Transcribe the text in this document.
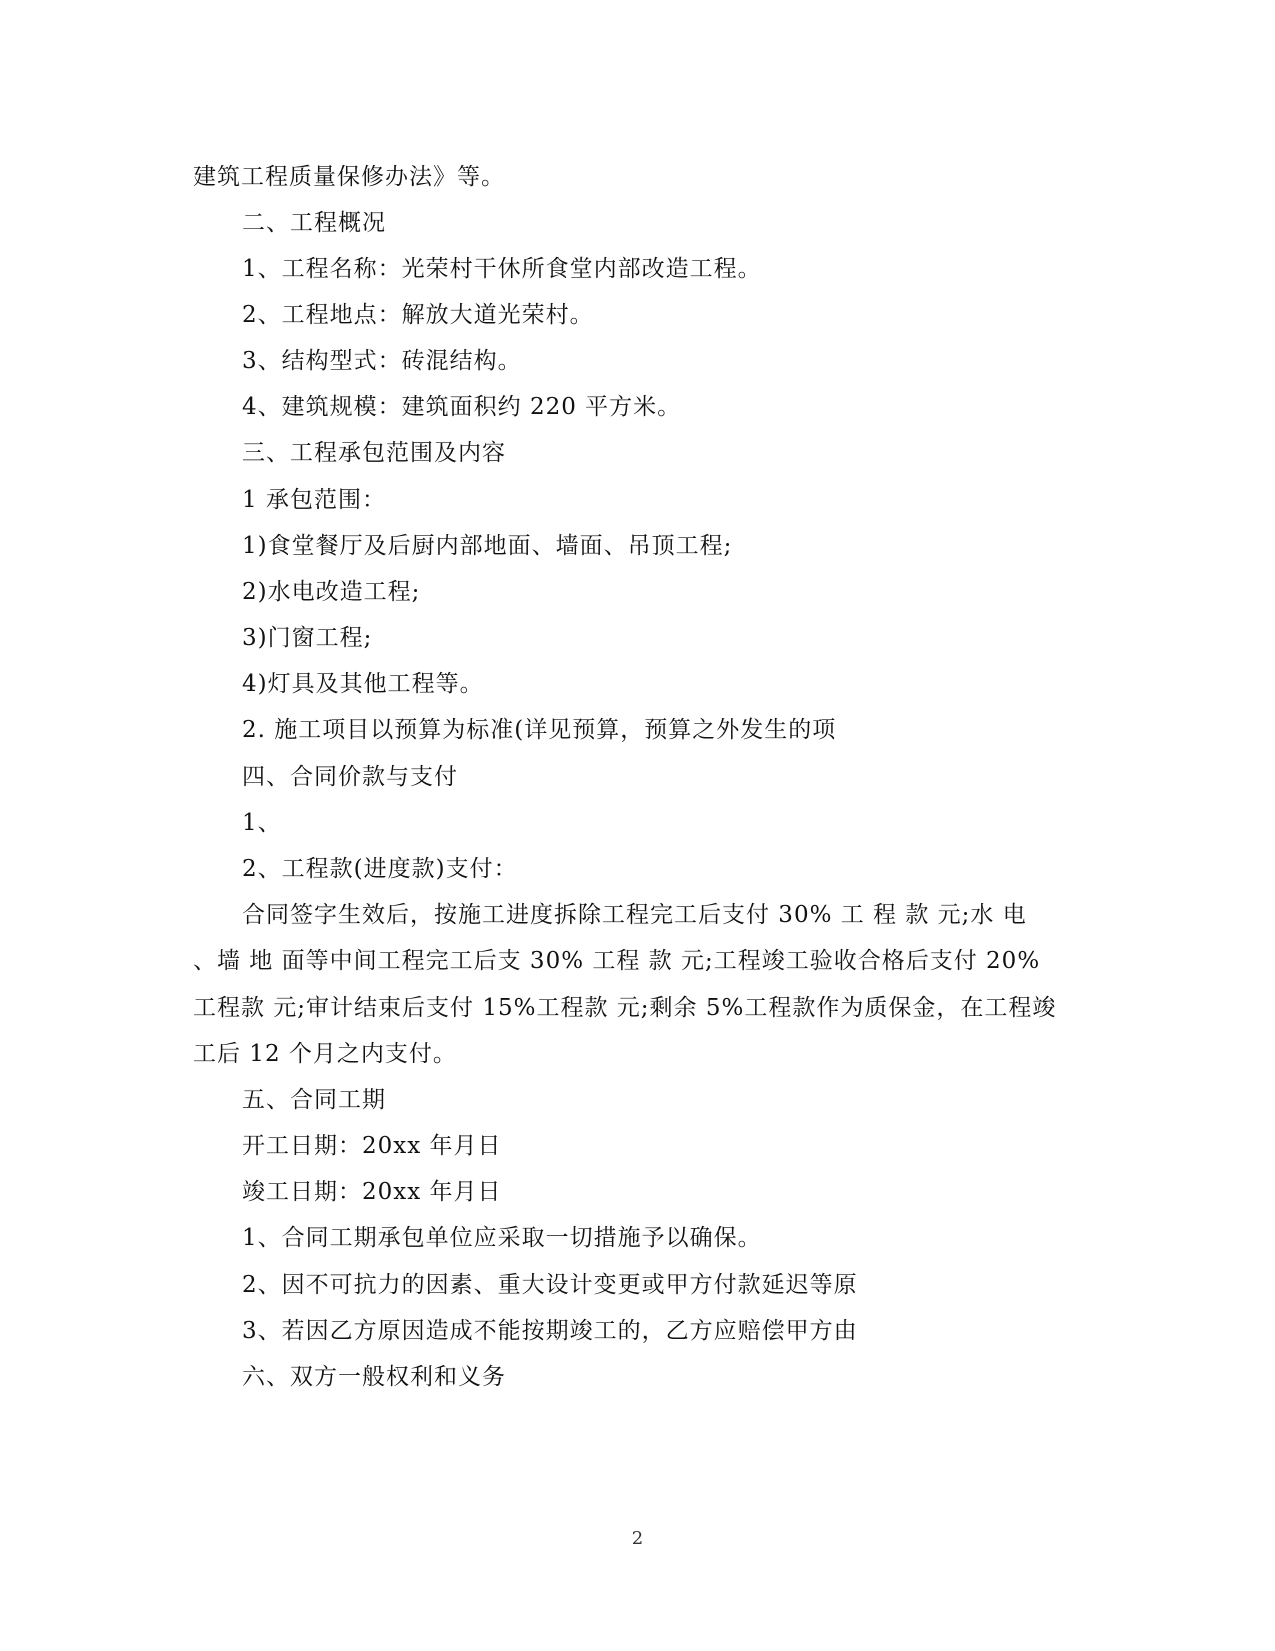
建筑工程质量保修办法》等。
二、工程概况
1、工程名称：光荣村干休所食堂内部改造工程。
2、工程地点：解放大道光荣村。
3、结构型式：砖混结构。
4、建筑规模：建筑面积约 220 平方米。
三、工程承包范围及内容
1 承包范围：
1)食堂餐厅及后厨内部地面、墙面、吊顶工程;
2)水电改造工程;
3)门窗工程;
4)灯具及其他工程等。
2. 施工项目以预算为标准(详见预算，预算之外发生的项
四、合同价款与支付
1、
2、工程款(进度款)支付：
合同签字生效后，按施工进度拆除工程完工后支付 30% 工 程 款 元;水 电
、墙 地 面等中间工程完工后支 30% 工程 款 元;工程竣工验收合格后支付 20%
工程款 元;审计结束后支付 15%工程款 元;剩余 5%工程款作为质保金，在工程竣
工后 12 个月之内支付。
五、合同工期
开工日期：20xx 年月日
竣工日期：20xx 年月日
1、合同工期承包单位应采取一切措施予以确保。
2、因不可抗力的因素、重大设计变更或甲方付款延迟等原
3、若因乙方原因造成不能按期竣工的，乙方应赔偿甲方由
六、双方一般权利和义务
2
